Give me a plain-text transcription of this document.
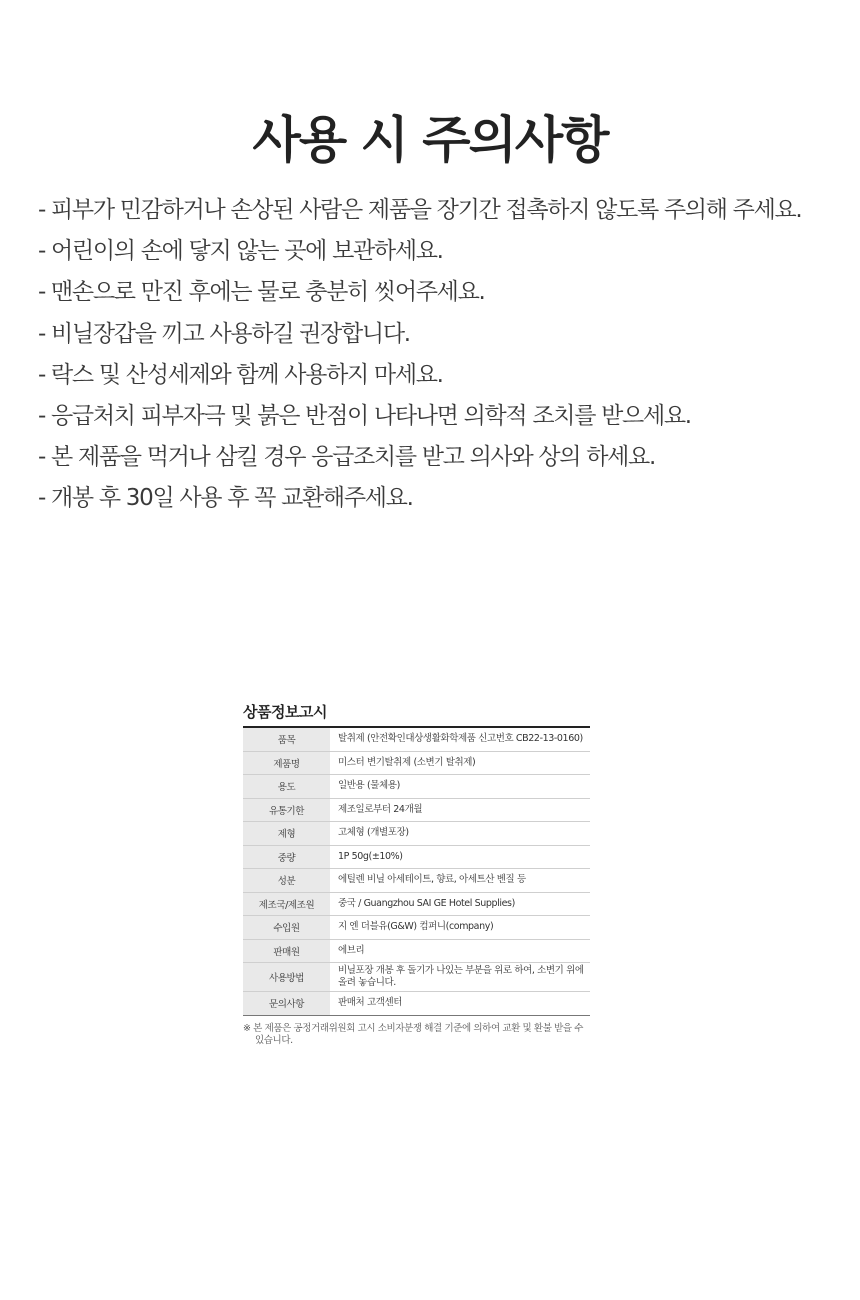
사용 시 주의사항
- 피부가 민감하거나 손상된 사람은 제품을 장기간 접촉하지 않도록 주의해 주세요.
- 어린이의 손에 닿지 않는 곳에 보관하세요.
- 맨손으로 만진 후에는 물로 충분히 씻어주세요.
- 비닐장갑을 끼고 사용하길 권장합니다.
- 락스 및 산성세제와 함께 사용하지 마세요.
- 응급처치 피부자극 및 붉은 반점이 나타나면 의학적 조치를 받으세요.
- 본 제품을 먹거나 삼킬 경우 응급조치를 받고 의사와 상의 하세요.
- 개봉 후 30일 사용 후 꼭 교환해주세요.
상품정보고시
품목	탈취제 (안전확인대상생활화학제품 신고번호 CB22-13-0160)
제품명	미스터 변기탈취제 (소변기 탈취제)
용도	일반용 (물체용)
유통기한	제조일로부터 24개월
제형	고체형 (개별포장)
중량	1P 50g(±10%)
성분	에틸렌 비닐 아세테이트, 향료, 아세트산 벤질 등
제조국/제조원	중국 / Guangzhou SAI GE Hotel Supplies)
수입원	지 엔 더블유(G&W) 컴퍼니(company)
판매원	에브리
사용방법	비닐포장 개봉 후 돌기가 나있는 부분을 위로 하여, 소변기 위에 올려 놓습니다.
문의사항	판매처 고객센터
※ 본 제품은 공정거래위원회 고시 소비자분쟁 해결 기준에 의하여 교환 및 환불 받을 수 있습니다.
